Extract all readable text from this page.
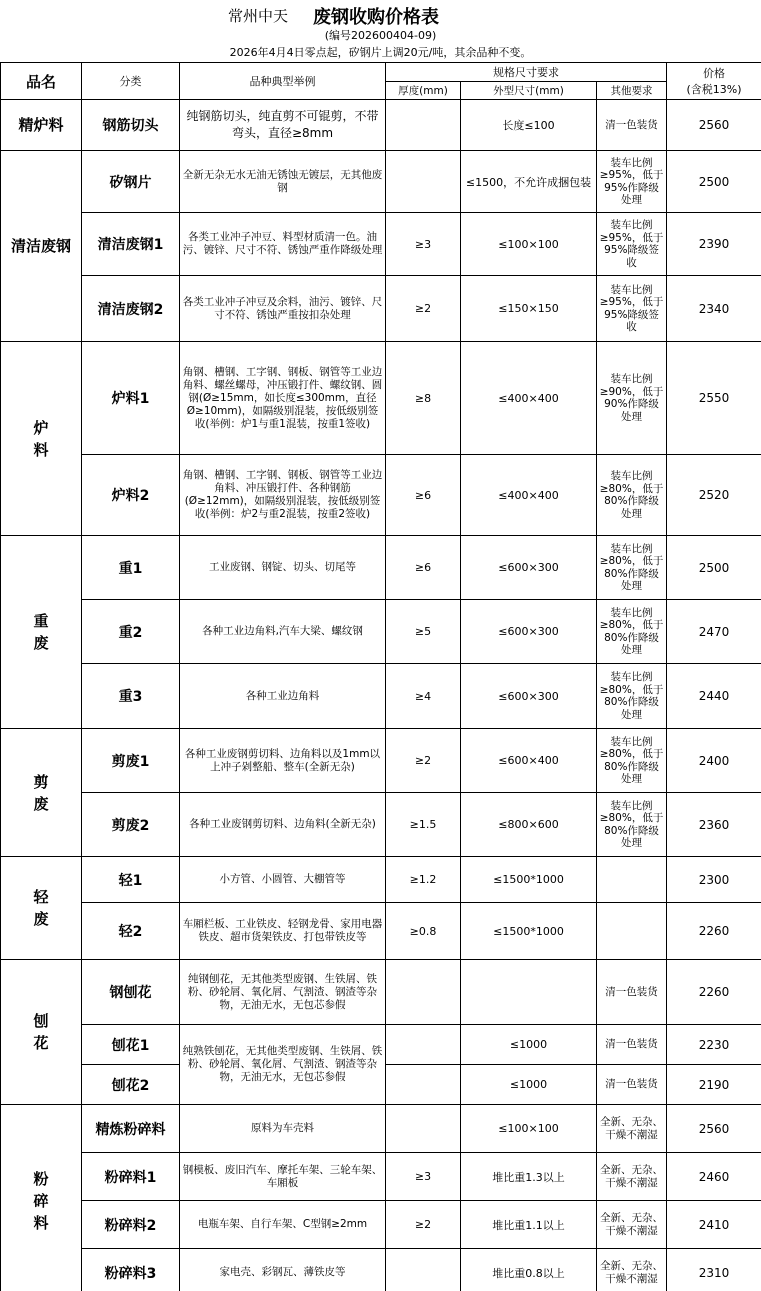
常州中天 废钢收购价格表
(编号202600404-09)
2026年4月4日零点起，矽钢片上调20元/吨，其余品种不变。
品名	分类	品种典型举例	规格尺寸要求			价格
(含税13%)

			厚度(mm)	外型尺寸(mm)	其他要求	
精炉料	钢筋切头	纯钢筋切头，纯直剪不可锟剪，不带弯头，直径≥8mm		长度≤100	清一色装货	2560
清洁废钢	矽钢片	全新无杂无水无油无锈蚀无镀层，无其他废钢		≤1500，不允许成捆包装	装车比例≥95%，低于95%作降级处理	2500
	清洁废钢1	各类工业冲子冲豆、料型材质清一色。油污、镀锌、尺寸不符、锈蚀严重作降级处理	≥3	≤100×100	装车比例≥95%，低于95%降级签收	2390
	清洁废钢2	各类工业冲子冲豆及余料，油污、镀锌、尺寸不符、锈蚀严重按扣杂处理	≥2	≤150×150	装车比例≥95%，低于95%降级签收	2340
炉
料	炉料1	角钢、槽钢、工字钢、钢板、钢管等工业边角料、螺丝螺母，冲压锻打件、螺纹钢、圆钢(Ø≥15mm，如长度≤300mm，直径Ø≥10mm)，如隔级别混装，按低级别签收(举例：炉1与重1混装，按重1签收)	≥8	≤400×400	装车比例≥90%，低于90%作降级处理	2550
	炉料2	角钢、槽钢、工字钢、钢板、钢管等工业边角料、冲压锻打件、各种钢筋(Ø≥12mm)，如隔级别混装，按低级别签收(举例：炉2与重2混装，按重2签收)	≥6	≤400×400	装车比例≥80%，低于80%作降级处理	2520
重
废	重1	工业废钢、钢锭、切头、切尾等	≥6	≤600×300	装车比例≥80%，低于80%作降级处理	2500
	重2	各种工业边角料,汽车大梁、螺纹钢	≥5	≤600×300	装车比例≥80%，低于80%作降级处理	2470
	重3	各种工业边角料	≥4	≤600×300	装车比例≥80%，低于80%作降级处理	2440
剪
废	剪废1	各种工业废钢剪切料、边角料以及1mm以上冲子剁整船、整车(全新无杂)	≥2	≤600×400	装车比例≥80%，低于80%作降级处理	2400
	剪废2	各种工业废钢剪切料、边角料(全新无杂)	≥1.5	≤800×600	装车比例≥80%，低于80%作降级处理	2360
轻
废	轻1	小方管、小圆管、大棚管等	≥1.2	≤1500*1000		2300
	轻2	车厢栏板、工业铁皮、轻钢龙骨、家用电器铁皮、超市货架铁皮、打包带铁皮等	≥0.8	≤1500*1000		2260
刨
花	钢刨花	纯钢刨花，无其他类型废钢、生铁屑、铁粉、砂轮屑、氧化屑、气割渣、钢渣等杂物，无油无水，无包芯参假			清一色装货	2260
	刨花1	纯熟铁刨花，无其他类型废钢、生铁屑、铁粉、砂轮屑、氧化屑、气割渣、钢渣等杂物，无油无水，无包芯参假		≤1000	清一色装货	2230
	刨花2			≤1000	清一色装货	2190
粉
碎
料	精炼粉碎料	原料为车壳料		≤100×100	全新、无杂、干燥不潮湿	2560
	粉碎料1	钢模板、废旧汽车、摩托车架、三轮车架、车厢板	≥3	堆比重1.3以上	全新、无杂、干燥不潮湿	2460
	粉碎料2	电瓶车架、自行车架、C型钢≥2mm	≥2	堆比重1.1以上	全新、无杂、干燥不潮湿	2410
	粉碎料3	家电壳、彩钢瓦、薄铁皮等		堆比重0.8以上	全新、无杂、干燥不潮湿	2310
